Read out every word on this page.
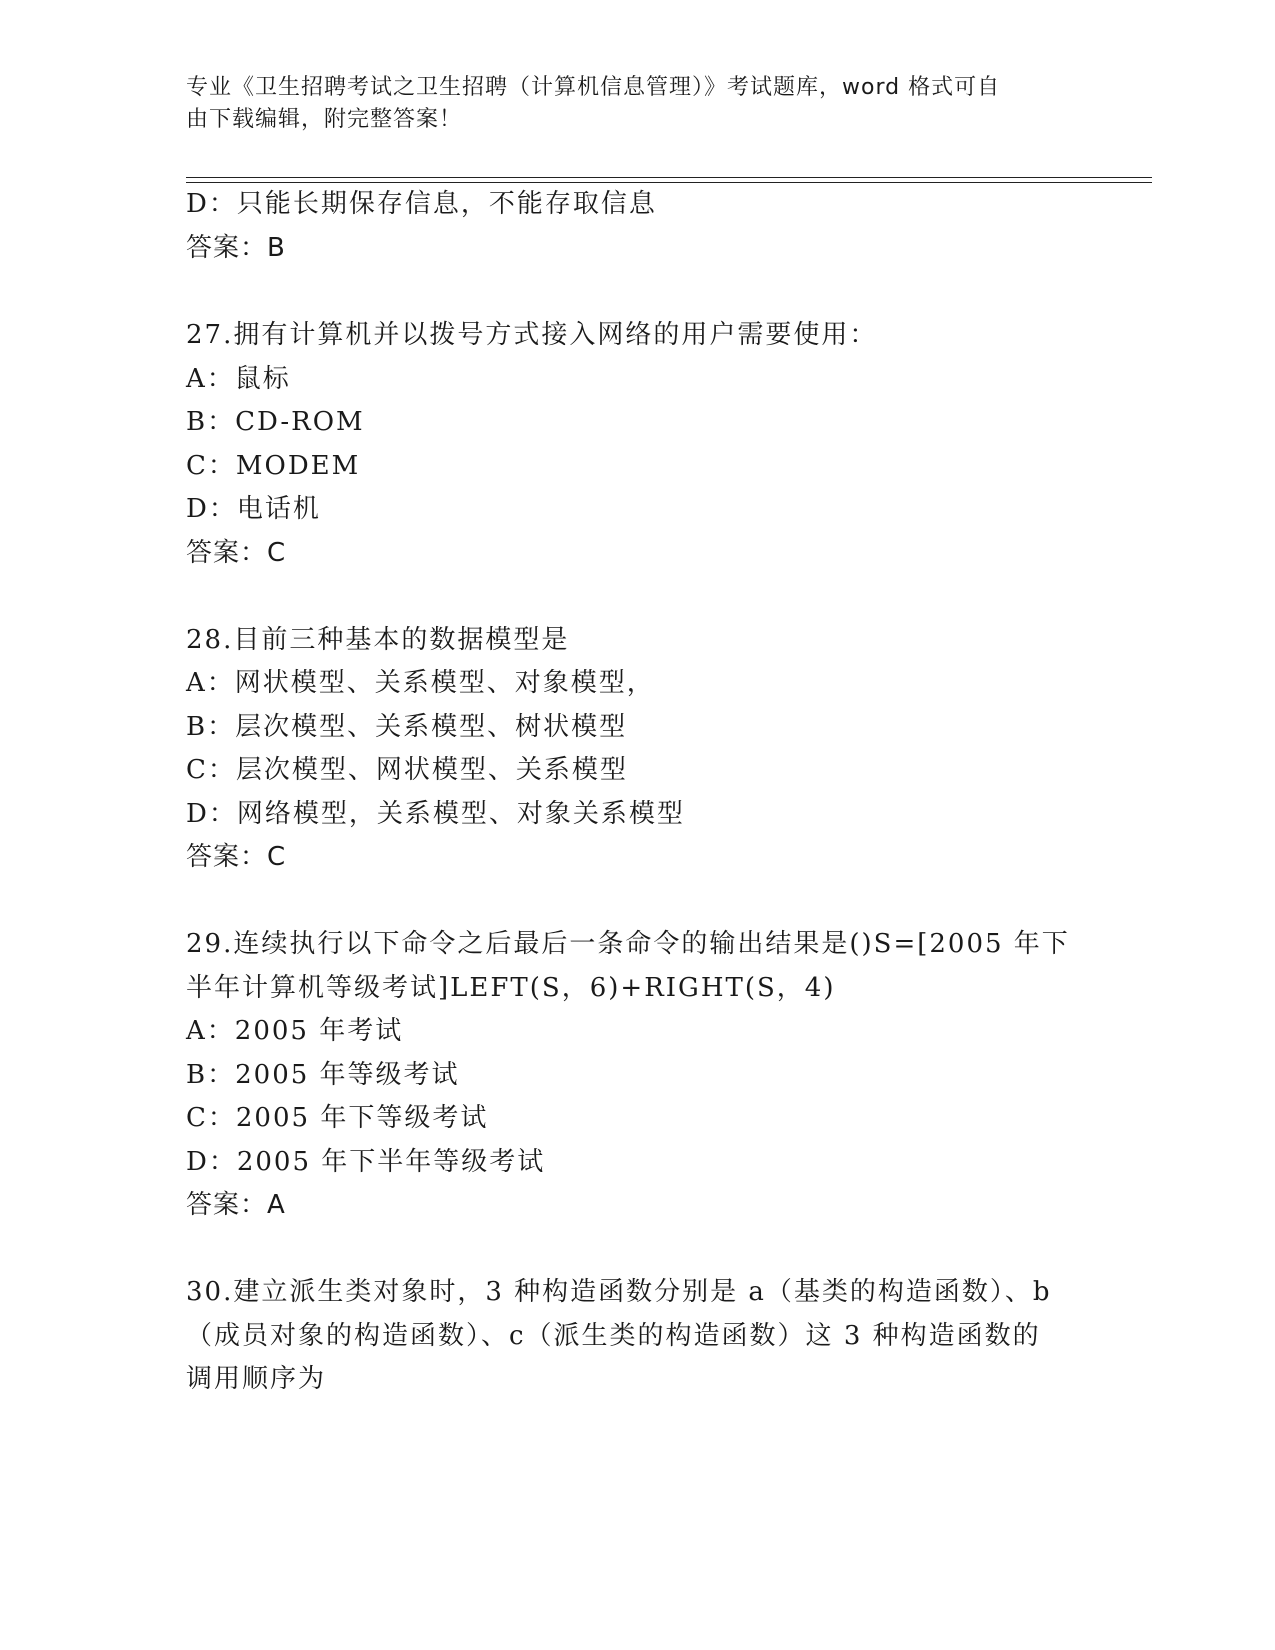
专业《卫生招聘考试之卫生招聘（计算机信息管理）》考试题库，word 格式可自
由下载编辑，附完整答案！
D：只能长期保存信息，不能存取信息
答案：B
27.拥有计算机并以拨号方式接入网络的用户需要使用：
A：鼠标
B：CD-ROM
C：MODEM
D：电话机
答案：C
28.目前三种基本的数据模型是
A：网状模型、关系模型、对象模型，
B：层次模型、关系模型、树状模型
C：层次模型、网状模型、关系模型
D：网络模型，关系模型、对象关系模型
答案：C
29.连续执行以下命令之后最后一条命令的输出结果是()S=[2005 年下
半年计算机等级考试]LEFT(S，6)+RIGHT(S，4)
A：2005 年考试
B：2005 年等级考试
C：2005 年下等级考试
D：2005 年下半年等级考试
答案：A
30.建立派生类对象时，3 种构造函数分别是 a（基类的构造函数）、b
（成员对象的构造函数）、c（派生类的构造函数）这 3 种构造函数的
调用顺序为
